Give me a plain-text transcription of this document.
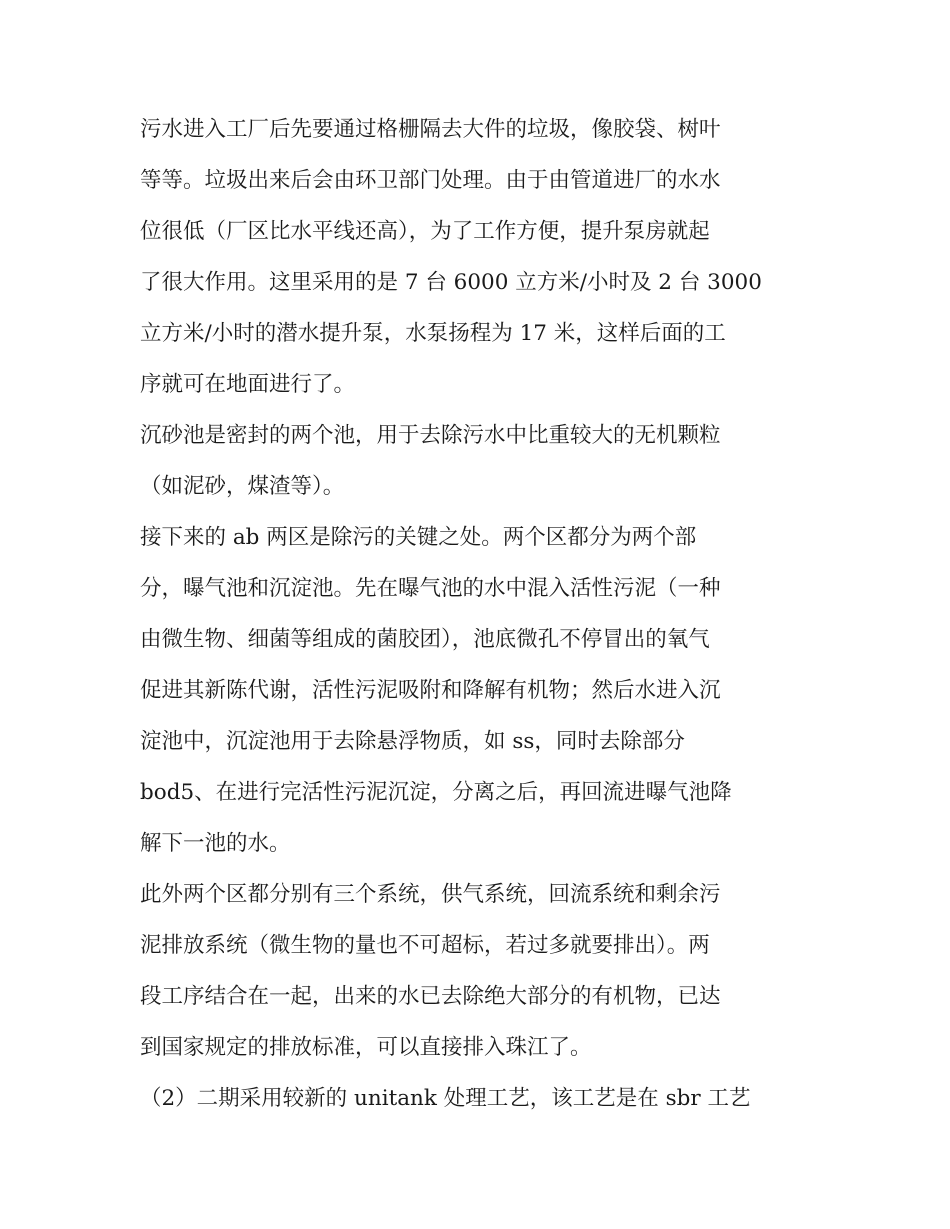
污水进入工厂后先要通过格栅隔去大件的垃圾，像胶袋、树叶
等等。垃圾出来后会由环卫部门处理。由于由管道进厂的水水
位很低（厂区比水平线还高），为了工作方便，提升泵房就起
了很大作用。这里采用的是 7 台 6000 立方米/小时及 2 台 3000
立方米/小时的潜水提升泵，水泵扬程为 17 米，这样后面的工
序就可在地面进行了。
沉砂池是密封的两个池，用于去除污水中比重较大的无机颗粒
（如泥砂，煤渣等）。
接下来的 ab 两区是除污的关键之处。两个区都分为两个部
分，曝气池和沉淀池。先在曝气池的水中混入活性污泥（一种
由微生物、细菌等组成的菌胶团），池底微孔不停冒出的氧气
促进其新陈代谢，活性污泥吸附和降解有机物；然后水进入沉
淀池中，沉淀池用于去除悬浮物质，如 ss，同时去除部分
bod5、在进行完活性污泥沉淀，分离之后，再回流进曝气池降
解下一池的水。
此外两个区都分别有三个系统，供气系统，回流系统和剩余污
泥排放系统（微生物的量也不可超标，若过多就要排出）。两
段工序结合在一起，出来的水已去除绝大部分的有机物，已达
到国家规定的排放标准，可以直接排入珠江了。
（2）二期采用较新的 unitank 处理工艺，该工艺是在 sbr 工艺
